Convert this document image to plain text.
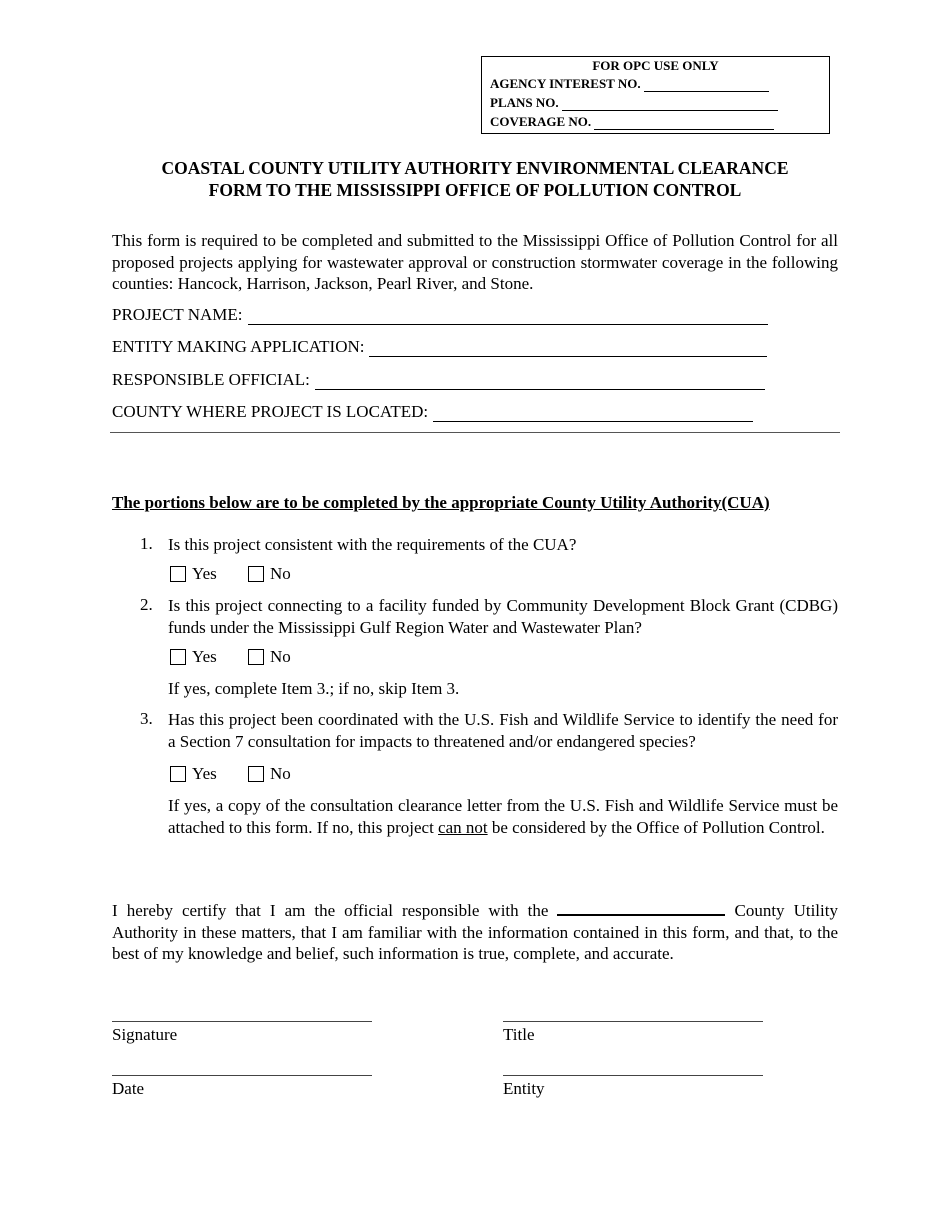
FOR OPC USE ONLY
AGENCY INTEREST NO.
PLANS NO.
COVERAGE NO.
COASTAL COUNTY UTILITY AUTHORITY ENVIRONMENTAL CLEARANCE
FORM TO THE MISSISSIPPI OFFICE OF POLLUTION CONTROL
This form is required to be completed and submitted to the Mississippi Office of Pollution Control for all proposed projects applying for wastewater approval or construction stormwater coverage in the following counties: Hancock, Harrison, Jackson, Pearl River, and Stone.
PROJECT NAME:
ENTITY MAKING APPLICATION:
RESPONSIBLE OFFICIAL:
COUNTY WHERE PROJECT IS LOCATED:
The portions below are to be completed by the appropriate County Utility Authority(CUA)
1. Is this project consistent with the requirements of the CUA?
Yes	No
2. Is this project connecting to a facility funded by Community Development Block Grant (CDBG) funds under the Mississippi Gulf Region Water and Wastewater Plan?
Yes	No
If yes, complete Item 3.; if no, skip Item 3.
3. Has this project been coordinated with the U.S. Fish and Wildlife Service to identify the need for a Section 7 consultation for impacts to threatened and/or endangered species?
Yes	No
If yes, a copy of the consultation clearance letter from the U.S. Fish and Wildlife Service must be attached to this form. If no, this project can not be considered by the Office of Pollution Control.
I hereby certify that I am the official responsible with the	County Utility Authority in these matters, that I am familiar with the information contained in this form, and that, to the best of my knowledge and belief, such information is true, complete, and accurate.
Signature	Title
Date	Entity
